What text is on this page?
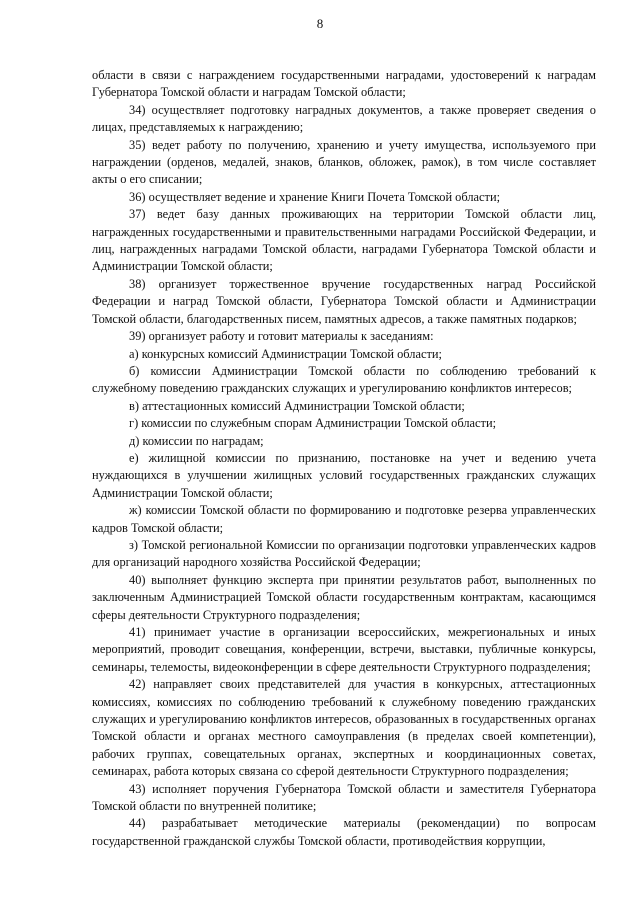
8

области в связи с награждением государственными наградами, удостоверений к наградам Губернатора Томской области и наградам Томской области;

34) осуществляет подготовку наградных документов, а также проверяет сведения о лицах, представляемых к награждению;

35) ведет работу по получению, хранению и учету имущества, используемого при награждении (орденов, медалей, знаков, бланков, обложек, рамок), в том числе составляет акты о его списании;

36) осуществляет ведение и хранение Книги Почета Томской области;

37) ведет базу данных проживающих на территории Томской области лиц, награжденных государственными и правительственными наградами Российской Федерации, и лиц, награжденных наградами Томской области, наградами Губернатора Томской области и Администрации Томской области;

38) организует торжественное вручение государственных наград Российской Федерации и наград Томской области, Губернатора Томской области и Администрации Томской области, благодарственных писем, памятных адресов, а также памятных подарков;

39) организует работу и готовит материалы к заседаниям:

а) конкурсных комиссий Администрации Томской области;

б) комиссии Администрации Томской области по соблюдению требований к служебному поведению гражданских служащих и урегулированию конфликтов интересов;

в) аттестационных комиссий Администрации Томской области;

г) комиссии по служебным спорам Администрации Томской области;

д) комиссии по наградам;

е) жилищной комиссии по признанию, постановке на учет и ведению учета нуждающихся в улучшении жилищных условий государственных гражданских служащих Администрации Томской области;

ж) комиссии Томской области по формированию и подготовке резерва управленческих кадров Томской области;

з) Томской региональной Комиссии по организации подготовки управленческих кадров для организаций народного хозяйства Российской Федерации;

40) выполняет функцию эксперта при принятии результатов работ, выполненных по заключенным Администрацией Томской области государственным контрактам, касающимся сферы деятельности Структурного подразделения;

41) принимает участие в организации всероссийских, межрегиональных и иных мероприятий, проводит совещания, конференции, встречи, выставки, публичные конкурсы, семинары, телемосты, видеоконференции в сфере деятельности Структурного подразделения;

42) направляет своих представителей для участия в конкурсных, аттестационных комиссиях, комиссиях по соблюдению требований к служебному поведению гражданских служащих и урегулированию конфликтов интересов, образованных в государственных органах Томской области и органах местного самоуправления (в пределах своей компетенции), рабочих группах, совещательных органах, экспертных и координационных советах, семинарах, работа которых связана со сферой деятельности Структурного подразделения;

43) исполняет поручения Губернатора Томской области и заместителя Губернатора Томской области по внутренней политике;

44) разрабатывает методические материалы (рекомендации) по вопросам государственной гражданской службы Томской области, противодействия коррупции,
